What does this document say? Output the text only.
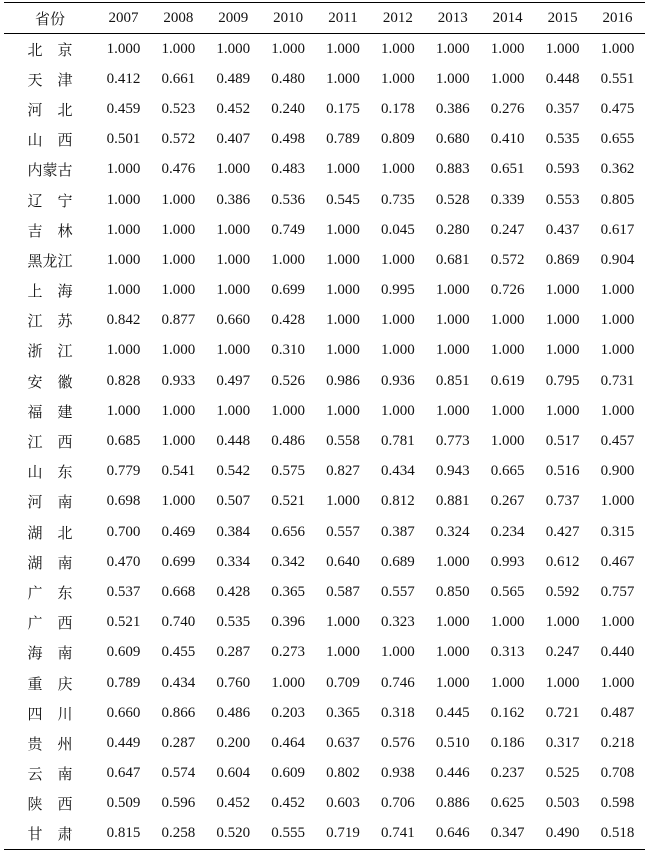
省份	2007	2008	2009	2010	2011	2012	2013	2014	2015	2016

北　京	1.000	1.000	1.000	1.000	1.000	1.000	1.000	1.000	1.000	1.000
天　津	0.412	0.661	0.489	0.480	1.000	1.000	1.000	1.000	0.448	0.551
河　北	0.459	0.523	0.452	0.240	0.175	0.178	0.386	0.276	0.357	0.475
山　西	0.501	0.572	0.407	0.498	0.789	0.809	0.680	0.410	0.535	0.655
内蒙古	1.000	0.476	1.000	0.483	1.000	1.000	0.883	0.651	0.593	0.362
辽　宁	1.000	1.000	0.386	0.536	0.545	0.735	0.528	0.339	0.553	0.805
吉　林	1.000	1.000	1.000	0.749	1.000	0.045	0.280	0.247	0.437	0.617
黑龙江	1.000	1.000	1.000	1.000	1.000	1.000	0.681	0.572	0.869	0.904
上　海	1.000	1.000	1.000	0.699	1.000	0.995	1.000	0.726	1.000	1.000
江　苏	0.842	0.877	0.660	0.428	1.000	1.000	1.000	1.000	1.000	1.000
浙　江	1.000	1.000	1.000	0.310	1.000	1.000	1.000	1.000	1.000	1.000
安　徽	0.828	0.933	0.497	0.526	0.986	0.936	0.851	0.619	0.795	0.731
福　建	1.000	1.000	1.000	1.000	1.000	1.000	1.000	1.000	1.000	1.000
江　西	0.685	1.000	0.448	0.486	0.558	0.781	0.773	1.000	0.517	0.457
山　东	0.779	0.541	0.542	0.575	0.827	0.434	0.943	0.665	0.516	0.900
河　南	0.698	1.000	0.507	0.521	1.000	0.812	0.881	0.267	0.737	1.000
湖　北	0.700	0.469	0.384	0.656	0.557	0.387	0.324	0.234	0.427	0.315
湖　南	0.470	0.699	0.334	0.342	0.640	0.689	1.000	0.993	0.612	0.467
广　东	0.537	0.668	0.428	0.365	0.587	0.557	0.850	0.565	0.592	0.757
广　西	0.521	0.740	0.535	0.396	1.000	0.323	1.000	1.000	1.000	1.000
海　南	0.609	0.455	0.287	0.273	1.000	1.000	1.000	0.313	0.247	0.440
重　庆	0.789	0.434	0.760	1.000	0.709	0.746	1.000	1.000	1.000	1.000
四　川	0.660	0.866	0.486	0.203	0.365	0.318	0.445	0.162	0.721	0.487
贵　州	0.449	0.287	0.200	0.464	0.637	0.576	0.510	0.186	0.317	0.218
云　南	0.647	0.574	0.604	0.609	0.802	0.938	0.446	0.237	0.525	0.708
陕　西	0.509	0.596	0.452	0.452	0.603	0.706	0.886	0.625	0.503	0.598
甘　肃	0.815	0.258	0.520	0.555	0.719	0.741	0.646	0.347	0.490	0.518
